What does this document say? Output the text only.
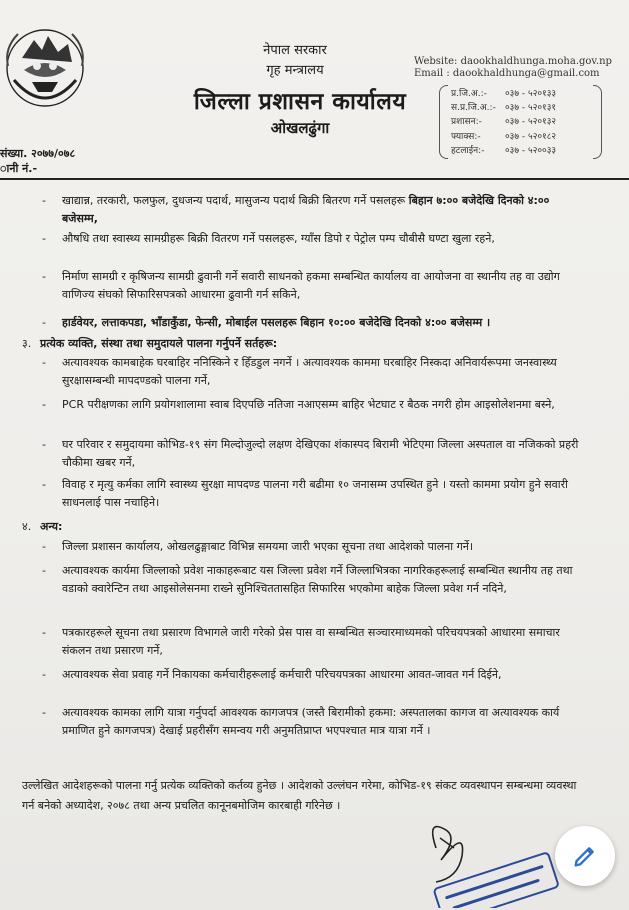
नेपाल सरकार
गृह मन्त्रालय
जिल्ला प्रशासन कार्यालय
ओखलढुंगा
Website: daookhaldhunga.moha.gov.np
Email : daookhaldhunga@gmail.com
प्र.जि.अ.:-	०३७ - ५२०१३३
स.प्र.जि.अ.:-	०३७ - ५२०१३१
प्रशासन:-	०३७ - ५२०१३२
फ्याक्स:-	०३७ - ५२०१८२
हटलाईन:-	०३७ - ५२००३३
संख्या. २०७७/०७८
ानी नं.-
- खाद्यान्न, तरकारी, फलफुल, दुधजन्य पदार्थ, मासुजन्य पदार्थ बिक्री बितरण गर्ने पसलहरू बिहान ७:०० बजेदेखि दिनको ४:०० बजेसम्म,
- औषधि तथा स्वास्थ्य सामग्रीहरू बिक्री वितरण गर्ने पसलहरू, ग्याँस डिपो र पेट्रोल पम्प चौबीसै घण्टा खुला रहने,
- निर्माण सामग्री र कृषिजन्य सामग्री ढुवानी गर्ने सवारी साधनको हकमा सम्बन्धित कार्यालय वा आयोजना वा स्थानीय तह वा उद्योग वाणिज्य संघको सिफारिसपत्रको आधारमा ढुवानी गर्न सकिने,
- हार्डवेयर, लत्ताकपडा, भाँडाकुँडा, फेन्सी, मोबाईल पसलहरू बिहान १०:०० बजेदेखि दिनको ४:०० बजेसम्म ।
३. प्रत्येक व्यक्ति, संस्था तथा समुदायले पालना गर्नुपर्ने सर्तहरू:
- अत्यावश्यक कामबाहेक घरबाहिर ननिस्किने र हिँडडुल नगर्ने । अत्यावश्यक काममा घरबाहिर निस्कदा अनिवार्यरूपमा जनस्वास्थ्य सुरक्षासम्बन्धी मापदण्डको पालना गर्ने,
- PCR परीक्षणका लागि प्रयोगशालामा स्वाब दिएपछि नतिजा नआएसम्म बाहिर भेटघाट र बैठक नगरी होम आइसोलेशनमा बस्ने,
- घर परिवार र समुदायमा कोभिड-१९ संग मिल्दोजुल्दो लक्षण देखिएका शंकास्पद बिरामी भेटिएमा जिल्ला अस्पताल वा नजिकको प्रहरी चौकीमा खबर गर्ने,
- विवाह र मृत्यु कर्मका लागि स्वास्थ्य सुरक्षा मापदण्ड पालना गरी बढीमा १० जनासम्म उपस्थित हुने । यस्तो काममा प्रयोग हुने सवारी साधनलाई पास नचाहिने।
४. अन्य:
- जिल्ला प्रशासन कार्यालय, ओखलढुङ्गाबाट विभिन्न समयमा जारी भएका सूचना तथा आदेशको पालना गर्ने।
- अत्यावश्यक कार्यमा जिल्लाको प्रवेश नाकाहरूबाट यस जिल्ला प्रवेश गर्ने जिल्लाभित्रका नागरिकहरूलाई सम्बन्धित स्थानीय तह तथा वडाको क्वारेन्टिन तथा आइसोलेसनमा राख्ने सुनिश्चिततासहित सिफारिस भएकोमा बाहेक जिल्ला प्रवेश गर्न नदिने,
- पत्रकारहरूले सूचना तथा प्रसारण विभागले जारी गरेको प्रेस पास वा सम्बन्धित सञ्चारमाध्यमको परिचयपत्रको आधारमा समाचार संकलन तथा प्रसारण गर्ने,
- अत्यावश्यक सेवा प्रवाह गर्ने निकायका कर्मचारीहरूलाई कर्मचारी परिचयपत्रका आधारमा आवत-जावत गर्न दिईने,
- अत्यावश्यक कामका लागि यात्रा गर्नुपर्दा आवश्यक कागजपत्र (जस्तै बिरामीको हकमा: अस्पतालका कागज वा अत्यावश्यक कार्य प्रमाणित हुने कागजपत्र) देखाई प्रहरीसँग समन्वय गरी अनुमतिप्राप्त भएपश्चात मात्र यात्रा गर्ने ।
उल्लेखित आदेशहरूको पालना गर्नु प्रत्येक व्यक्तिको कर्तव्य हुनेछ । आदेशको उल्लंघन गरेमा, कोभिड-१९ संकट व्यवस्थापन सम्बन्धमा व्यवस्था गर्न बनेको अध्यादेश, २०७८ तथा अन्य प्रचलित कानूनबमोजिम कारबाही गरिनेछ ।
